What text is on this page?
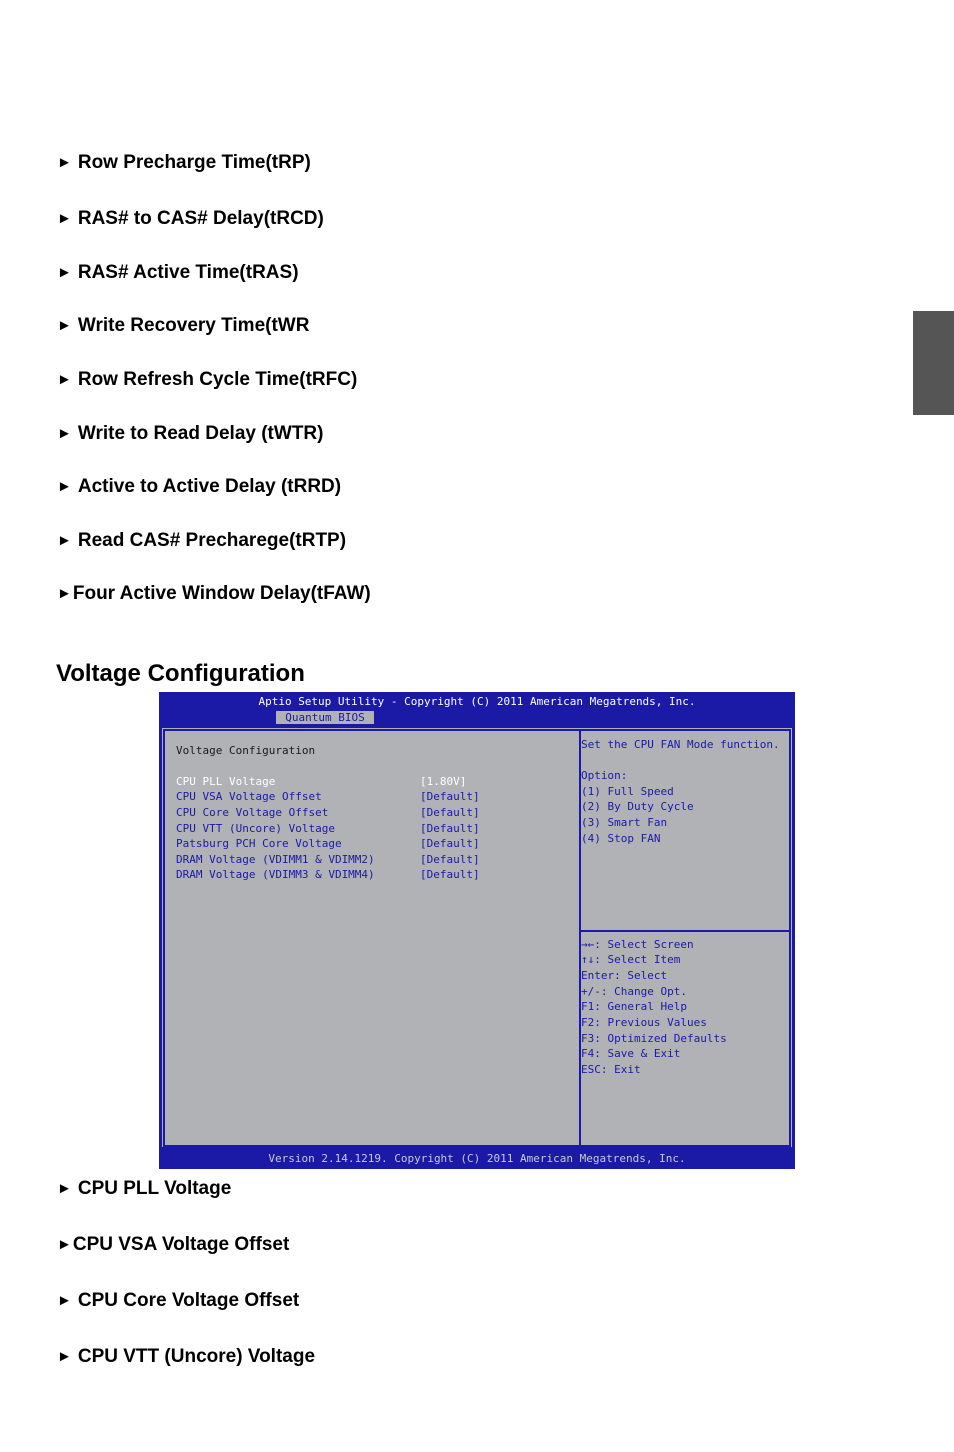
► Row Precharge Time(tRP)
► RAS# to CAS# Delay(tRCD)
► RAS# Active Time(tRAS)
► Write Recovery Time(tWR
► Row Refresh Cycle Time(tRFC)
► Write to Read Delay (tWTR)
► Active to Active Delay (tRRD)
► Read CAS# Precharege(tRTP)
►Four Active Window Delay(tFAW)
Voltage Configuration
Aptio Setup Utility - Copyright (C) 2011 American Megatrends, Inc.
Quantum BIOS
Voltage Configuration
CPU PLL Voltage	[1.80V]
CPU VSA Voltage Offset	[Default]
CPU Core Voltage Offset	[Default]
CPU VTT (Uncore) Voltage	[Default]
Patsburg PCH Core Voltage	[Default]
DRAM Voltage (VDIMM1 & VDIMM2)	[Default]
DRAM Voltage (VDIMM3 & VDIMM4)	[Default]
Set the CPU FAN Mode function.
Option:
(1) Full Speed
(2) By Duty Cycle
(3) Smart Fan
(4) Stop FAN
→←: Select Screen
↑↓: Select Item
Enter: Select
+/-: Change Opt.
F1: General Help
F2: Previous Values
F3: Optimized Defaults
F4: Save & Exit
ESC: Exit
Version 2.14.1219. Copyright (C) 2011 American Megatrends, Inc.
► CPU PLL Voltage
►CPU VSA Voltage Offset
► CPU Core Voltage Offset
► CPU VTT (Uncore) Voltage
